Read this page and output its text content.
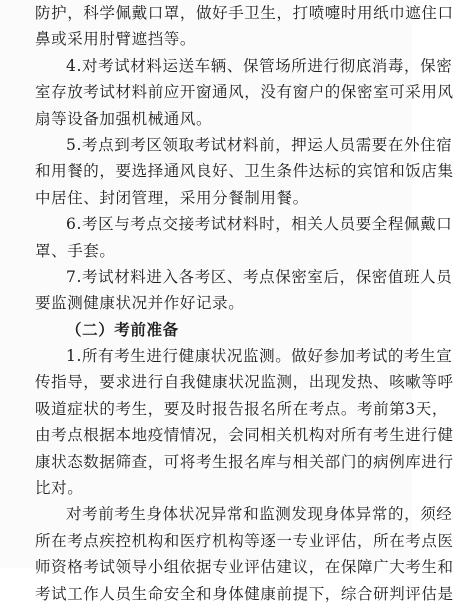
防护，科学佩戴口罩，做好手卫生，打喷嚏时用纸巾遮住口

鼻或采用肘臂遮挡等。

4.对考试材料运送车辆、保管场所进行彻底消毒，保密

室存放考试材料前应开窗通风，没有窗户的保密室可采用风

扇等设备加强机械通风。

5.考点到考区领取考试材料前，押运人员需要在外住宿

和用餐的，要选择通风良好、卫生条件达标的宾馆和饭店集

中居住、封闭管理，采用分餐制用餐。

6.考区与考点交接考试材料时，相关人员要全程佩戴口

罩、手套。

7.考试材料进入各考区、考点保密室后，保密值班人员

要监测健康状况并作好记录。

（二）考前准备

1.所有考生进行健康状况监测。做好参加考试的考生宣

传指导，要求进行自我健康状况监测，出现发热、咳嗽等呼

吸道症状的考生，要及时报告报名所在考点。考前第3天，

由考点根据本地疫情情况，会同相关机构对所有考生进行健

康状态数据筛查，可将考生报名库与相关部门的病例库进行

比对。

对考前考生身体状况异常和监测发现身体异常的，须经

所在考点疾控机构和医疗机构等逐一专业评估，所在考点医

师资格考试领导小组依据专业评估建议，在保障广大考生和

考试工作人员生命安全和身体健康前提下，综合研判评估是
